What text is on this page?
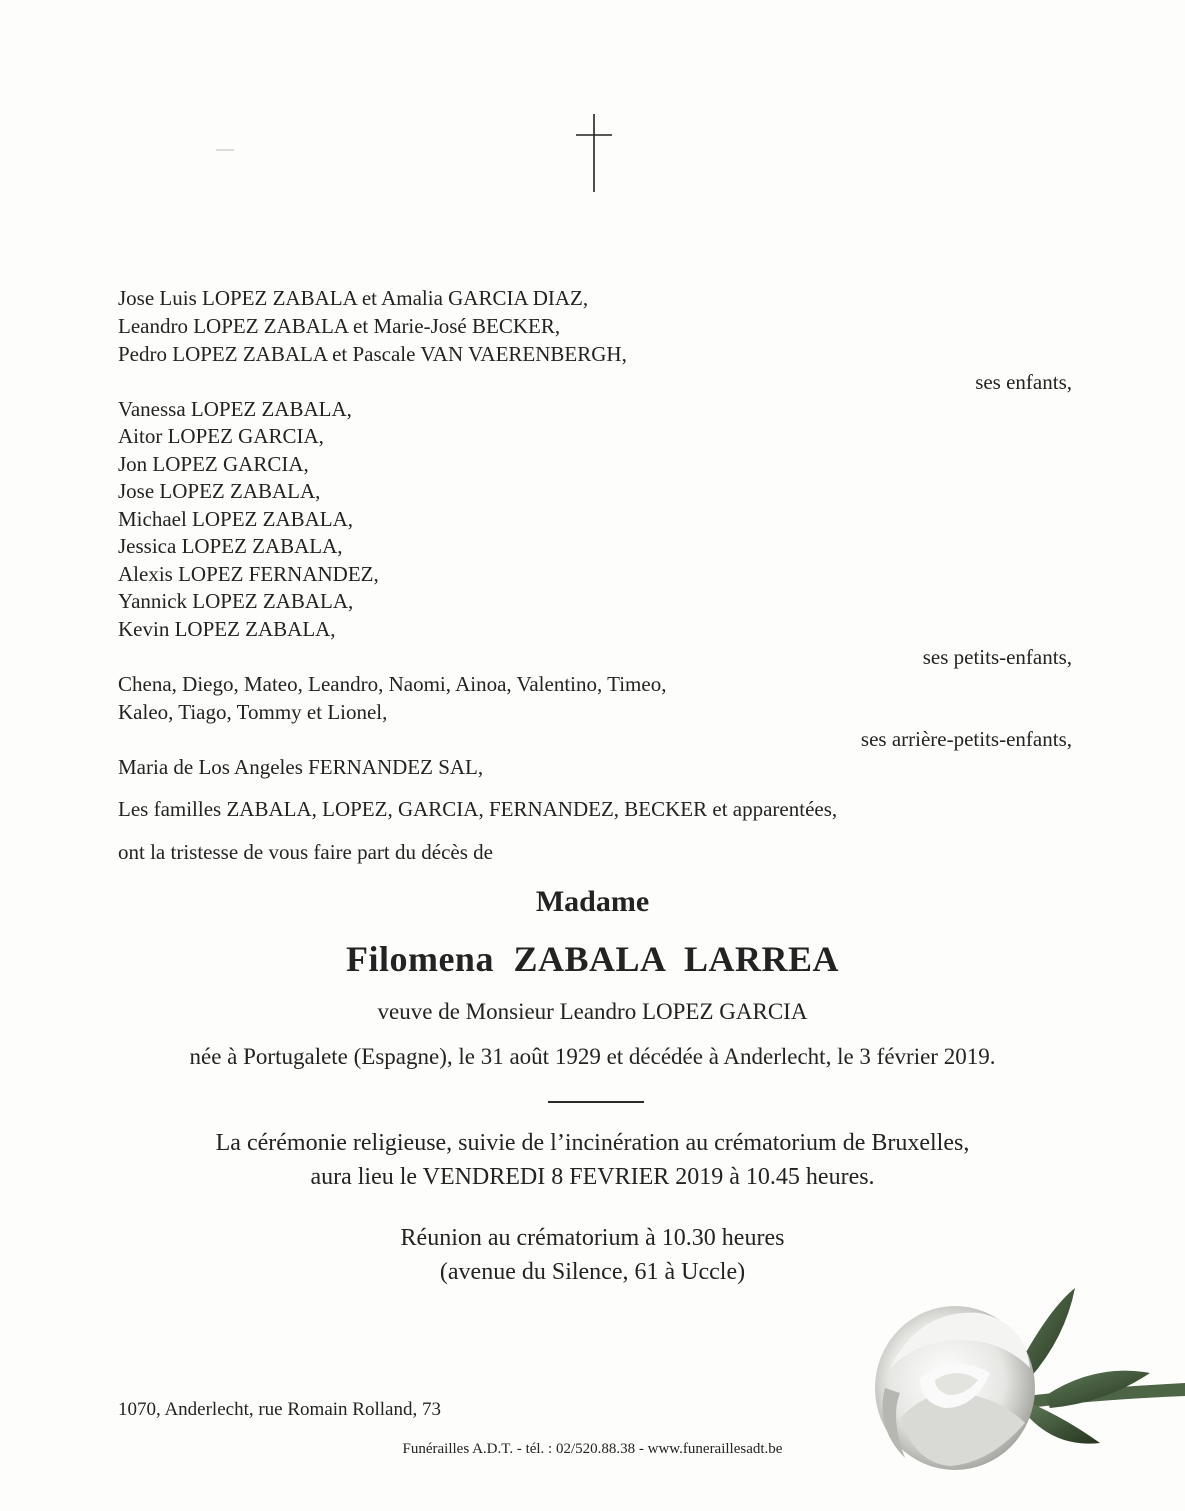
Jose Luis LOPEZ ZABALA et Amalia GARCIA DIAZ,
Leandro LOPEZ ZABALA et Marie-José BECKER,
Pedro LOPEZ ZABALA et Pascale VAN VAERENBERGH,
ses enfants,
Vanessa LOPEZ ZABALA,
Aitor LOPEZ GARCIA,
Jon LOPEZ GARCIA,
Jose LOPEZ ZABALA,
Michael LOPEZ ZABALA,
Jessica LOPEZ ZABALA,
Alexis LOPEZ FERNANDEZ,
Yannick LOPEZ ZABALA,
Kevin LOPEZ ZABALA,
ses petits-enfants,
Chena, Diego, Mateo, Leandro, Naomi, Ainoa, Valentino, Timeo,
Kaleo, Tiago, Tommy et Lionel,
ses arrière-petits-enfants,
Maria de Los Angeles FERNANDEZ SAL,
Les familles ZABALA, LOPEZ, GARCIA, FERNANDEZ, BECKER et apparentées,
ont la tristesse de vous faire part du décès de
Madame
Filomena ZABALA LARREA
veuve de Monsieur Leandro LOPEZ GARCIA
née à Portugalete (Espagne), le 31 août 1929 et décédée à Anderlecht, le 3 février 2019.
La cérémonie religieuse, suivie de l’incinération au crématorium de Bruxelles,
aura lieu le VENDREDI 8 FEVRIER 2019 à 10.45 heures.
Réunion au crématorium à 10.30 heures
(avenue du Silence, 61 à Uccle)
1070, Anderlecht, rue Romain Rolland, 73
Funérailles A.D.T. - tél. : 02/520.88.38 - www.funeraillesadt.be
